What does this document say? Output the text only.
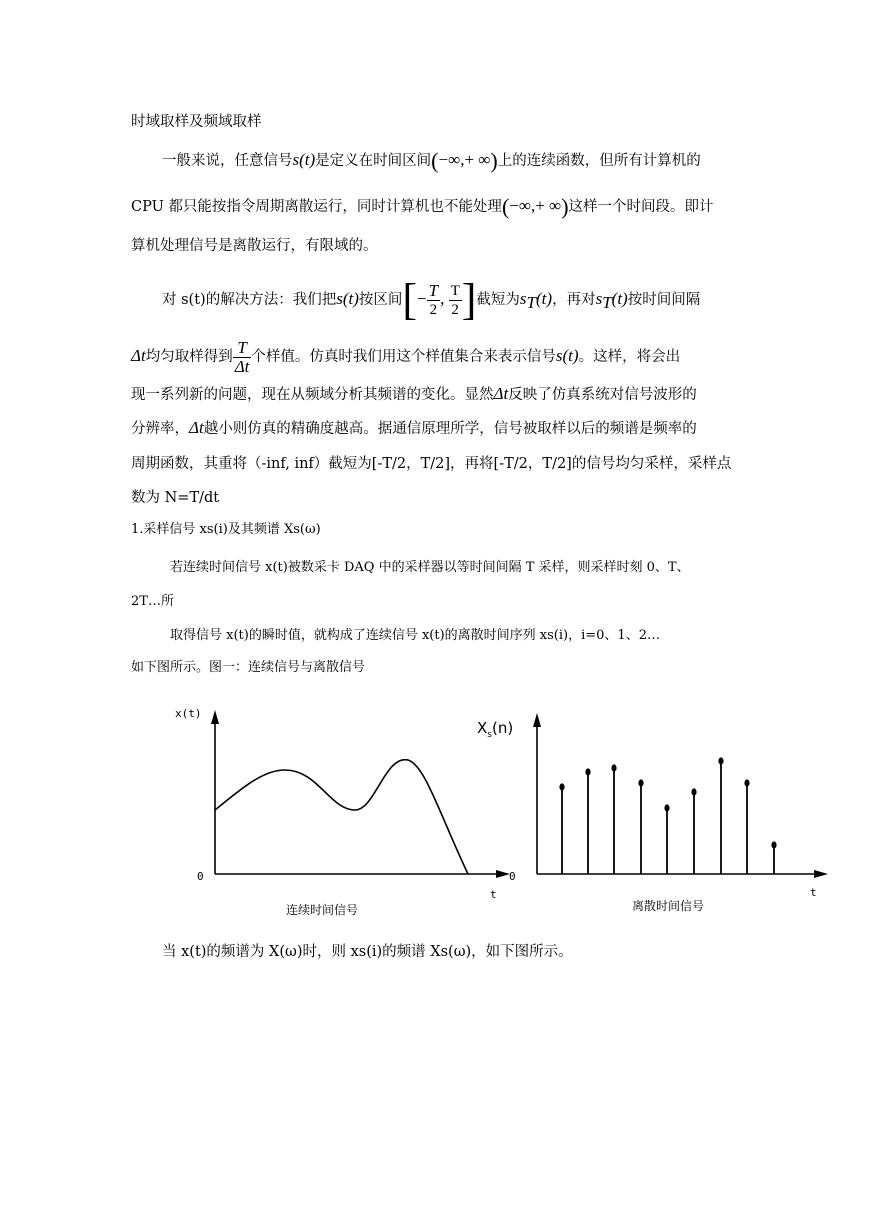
时域取样及频域取样
一般来说，任意信号s(t)是定义在时间区间(−∞,+ ∞)上的连续函数，但所有计算机的
CPU 都只能按指令周期离散运行，同时计算机也不能处理(−∞,+ ∞)这样一个时间段。即计
算机处理信号是离散运行，有限域的。
对 s(t)的解决方法：我们把s(t)按区间[− $\frac{T}{2}$ , $\frac{T}{2}$ ]截短为$s_T(t)$，再对$s_T(t)$按时间间隔
Δt均匀取样得到 $\frac{T}{\Delta t}$ 个样值。仿真时我们用这个样值集合来表示信号s(t)。这样，将会出
现一系列新的问题，现在从频域分析其频谱的变化。显然Δt反映了仿真系统对信号波形的
分辨率，Δt越小则仿真的精确度越高。据通信原理所学，信号被取样以后的频谱是频率的
周期函数，其重将（-inf, inf）截短为[-T/2，T/2]，再将[-T/2，T/2]的信号均匀采样，采样点
数为 N=T/dt
1.采样信号 xs(i)及其频谱 Xs(ω)
若连续时间信号 x(t)被数采卡 DAQ 中的采样器以等时间间隔 T 采样，则采样时刻 0、T、
2T…所
取得信号 x(t)的瞬时值，就构成了连续信号 x(t)的离散时间序列 xs(i)，i=0、1、2…
如下图所示。图一：连续信号与离散信号
x(t)
0
t
连续时间信号
$X_s(n)$
0
t
离散时间信号
当 x(t)的频谱为 X(ω)时，则 xs(i)的频谱 Xs(ω)，如下图所示。
